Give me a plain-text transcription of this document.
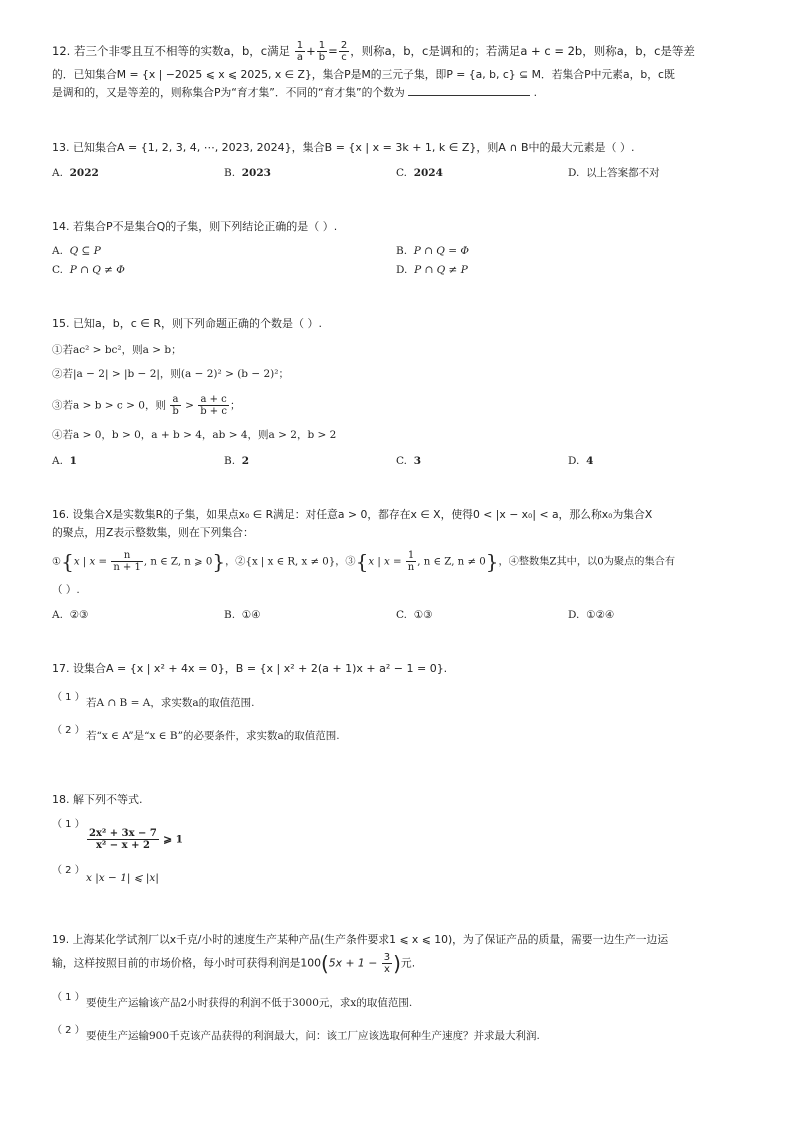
12. 若三个非零且互不相等的实数a，b，c满足 $\frac{1}{a} + \frac{1}{b} = \frac{2}{c}$ ，则称a，b，c是调和的；若满足a + c = 2b，则称a，b，c是等差
的．已知集合M = {x | −2025 ⩽ x ⩽ 2025, x ∈ Z}，集合P是M的三元子集，即P = {a, b, c} ⊆ M．若集合P中元素a，b，c既
是调和的，又是等差的，则称集合P为“育才集”．不同的“育才集”的个数为	.
13. 已知集合A = {1, 2, 3, 4, ⋯, 2023, 2024}，集合B = {x | x = 3k + 1, k ∈ Z}，则A ∩ B中的最大元素是（ ）.
A. 2022	B. 2023	C. 2024	D. 以上答案都不对
14. 若集合P不是集合Q的子集，则下列结论正确的是（ ）.
A. Q ⊆ P	B. P ∩ Q = Φ
C. P ∩ Q ≠ Φ	D. P ∩ Q ≠ P
15. 已知a，b，c ∈ R，则下列命题正确的个数是（ ）.
①若ac² > bc²，则a > b；
②若|a − 2| > |b − 2|，则(a − 2)² > (b − 2)²；
③若a > b > c > 0，则 $\frac{a}{b} > \frac{a + c}{b + c}$ ；
④若a > 0，b > 0，a + b > 4，ab > 4，则a > 2，b > 2
A. 1	B. 2	C. 3	D. 4
16. 设集合X是实数集R的子集，如果点x₀ ∈ R满足：对任意a > 0，都存在x ∈ X，使得0 < |x − x₀| < a，那么称x₀为集合X
的聚点，用Z表示整数集，则在下列集合：
①{x | $x = \frac{n}{n + 1}$ , n ∈ Z, n ⩾ 0}，②{x | x ∈ R, x ≠ 0}，③{x | $x = \frac{1}{n}$ , n ∈ Z, n ≠ 0}，④整数集Z其中，以0为聚点的集合有
（ ）.
A. ②③	B. ①④	C. ①③	D. ①②④
17. 设集合A = {x | x² + 4x = 0}，B = {x | x² + 2(a + 1)x + a² − 1 = 0}.
（ 1 ） 若A ∩ B = A，求实数a的取值范围.
（ 2 ） 若“x ∈ A”是“x ∈ B”的必要条件，求实数a的取值范围.
18. 解下列不等式.
（ 1 ）
$\frac{\text{2x² + 3x − 7}}{\text{x² − x + 2}}$ ⩾ 1
（ 2 ）
x |x − 1| ⩽ |x|
19. 上海某化学试剂厂以x千克/小时的速度生产某种产品(生产条件要求1 ⩽ x ⩽ 10)，为了保证产品的质量，需要一边生产一边运
输，这样按照目前的市场价格，每小时可获得利润是$100(5x + 1 - \frac{3}{x}$ )元.
（ 1 ） 要使生产运输该产品2小时获得的利润不低于3000元，求x的取值范围.
（ 2 ） 要使生产运输900千克该产品获得的利润最大，问：该工厂应该选取何种生产速度？并求最大利润.
